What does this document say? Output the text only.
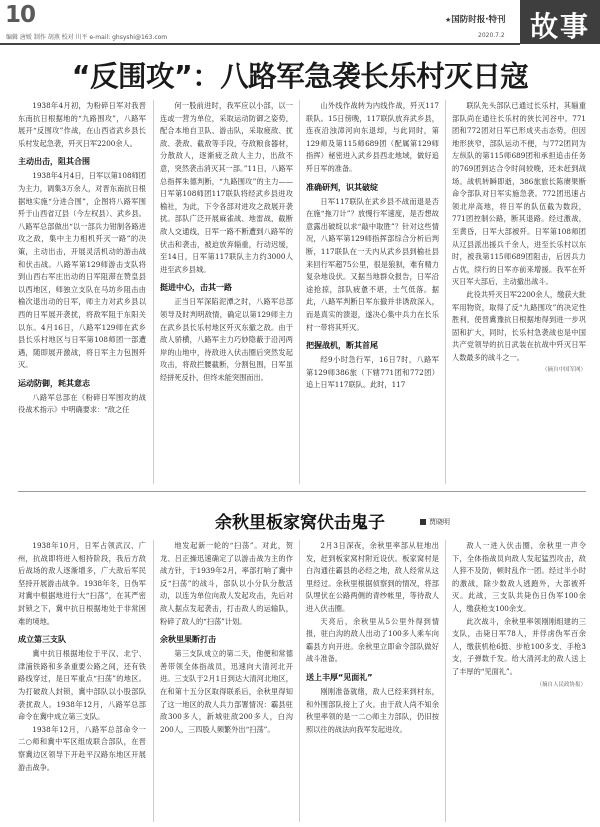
10
编辑 唐嫒 制作 胡燕 校对 川平 e-mail: ghsyshi@163.com
★国防时报·特刊
2020.7.2 故事
“反围攻”：八路军急袭长乐村灭日寇

1938年4月初，为粉碎日军对我晋东南抗日根据地的“九路围攻”，八路军展开“反围攻”作战，在山西省武乡县长乐村发起急袭，歼灭日军2200余人。

主动出击，阻其合围

1938年4月4日，日军以第108师团为主力，调集3万余人，对晋东南抗日根据地实施“分进合围”，企图将八路军围歼于山西省辽县（今左权县）、武乡县。八路军总部做出“以一部兵力钳制各路进攻之敌，集中主力相机歼灭一路”的决策，主动出击，开展灵活机动的游击战和伏击战。八路军第129师游击支队将到山西右军庄出动的日军阻滞在赞皇县以西地区，师独立支队在马坊乡阻击由榆次退出动的日军，师主力对武乡县以西的日军展开袭扰，将敌军阻于东阳关以东。4月16日，八路军129师在武乡县长乐村地区与日军第108师团一部遭遇，随即展开激战，将日军主力包围歼灭。

运动防御，耗其意志

八路军总部在《粉碎日军围攻的战役战术指示》中明确要求：“敌之任

何一股前进时，我军应以小部，以一连或一营为单位，采取运动防御之姿势，配合本地自卫队、游击队，采取疲敌、扰敌、袭敌、截敌等手段，夺敌粮食器材，分散敌人，逐渐疲乏敌人主力，出敌不意，突然袭击消灭其一部。”11日，八路军总指挥朱德判断，“九路围攻”的主力——日军第108师团117联队将经武乡县进攻榆社，为此，下令各部对进攻之敌展开袭扰。部队广泛开展麻雀战、地雷战，截断敌人交通线，日军一路不断遭到八路军的伏击和袭击，被迫放弃辎重，行动迟缓，至14日，日军第117联队主力约3000人进至武乡县城。

挺进中心，击其一路

正当日军深陷泥潭之时，八路军总部领导及时判明敌情，确定以第129师主力在武乡县长乐村地区歼灭东撤之敌。由于敌人骄横，八路军主力巧妙隐蔽于沿河两岸的山地中，待敌进入伏击圈后突然发起攻击，将敌拦腰截断，分割包围，日军虽经拼死反扑，但终未能突围而出。

山外线作战转为内线作战，歼灭117联队。15日傍晚，117联队放弃武乡县，连夜沿浊漳河向东退却，与此同时，第129师及第115师689团（配属第129师指挥）秘密进入武乡县西北地域，做好追歼日军的准备。

准确研判，识其破绽

日军117联队在武乡县不战而退是否在施“拖刀计”？放慢行军速度，是否想故意露出破绽以求“敲中取胜”？针对这些情况，八路军第129师指挥部综合分析后判断，117联队在一天内从武乡县到榆社县来回行军超75公里，很是狼狈，难有精力复杂地设伏。又据当地群众报告，日军沿途抢掠，部队疲惫不堪，士气低落。据此，八路军判断日军东撤并非诱敌深入，而是真实的溃退，遂决心集中兵力在长乐村一带将其歼灭。

把握战机，断其首尾

经9小时急行军，16日7时，八路军第129师386旅（下辖771团和772团）追上日军117联队。此时，117

联队先头部队已通过长乐村，其辎重部队尚在通往长乐村的狭长河谷中。771团和772团对日军已形成夹击态势，但因地形狭窄，部队运动不便，与772团同为左纵队的第115师689团和承担追击任务的769团到达合令时间较晚，还未赶到战场。战机转瞬即逝，386旅旅长陈赓果断命令部队对日军实施急袭。772团迅速占领北岸高地，将日军的队伍截为数段，771团控制公路，断其退路。经过激战，至黄昏，日军大部被歼。日军第108师团从辽县派出援兵千余人，进至长乐村以东时，被我第115师689团阻击，后因兵力占优，续行的日军亦前来增援。我军在歼灭日军大部后，主动撤出战斗。

此役共歼灭日军2200余人，缴获大批军用物资，取得了反“九路围攻”的决定性胜利，使晋冀豫抗日根据地得到进一步巩固和扩大，同时，长乐村急袭战也是中国共产党领导的抗日武装在抗战中歼灭日军人数最多的战斗之一。

（摘自中国军网）

余秋里板家窝伏击鬼子	贾晓明

1938年10月，日军占领武汉、广州，抗战即将进入相持阶段，我后方敌后战场的敌人逐渐增多，广大敌后军民坚持开展游击战争。1938年冬，日伪军对冀中根据地进行大“扫荡”，在其严密封锁之下，冀中抗日根据地处于非常困难的境地。

成立第三支队

冀中抗日根据地位于平汉、北宁、津浦铁路和多条重要公路之间，还有铁路线穿过，是日军重点“扫荡”的地区。为打破敌人封锁，冀中部队以小股部队袭扰敌人。1938年12月，八路军总部命令在冀中成立第三支队。

1938年12月，八路军总部命令一二○师和冀中军区组成联合部队，在晋察冀边区领导下开赴平汉路东地区开展游击战争。

地发起新一轮的“扫荡”。对此，贺龙、吕正操迅速确定了以游击战为主的作战方针，于1939年2月，率部打响了冀中反“扫荡”的战斗，部队以小分队分散活动，以连为单位向敌人发起攻击，先后对敌人据点发起袭击，打击敌人的运输队，粉碎了敌人的“扫荡”计划。

余秋里果断打击

第三支队成立的第二天，他便和常德善带领全体指战员，迅速向大清河北开进。三支队于2月1日到达大清河北地区，在和第十五分区取得联系后，余秋里得知了这一地区的敌人兵力部署情况：霸县驻敌300多人，新城驻敌200多人，白沟200人，三四股人频繁外出“扫荡”。

2月3日深夜，余秋里率部从驻地出发，赶到板家窝村附近设伏。板家窝村是白沟通往霸县的必经之地，敌人经常从这里经过。余秋里根据侦察到的情况，将部队埋伏在公路两侧的青纱帐里，等待敌人进入伏击圈。

天亮后，余秋里从5公里外得到情报，驻白沟的敌人出动了100多人乘车向霸县方向开进。余秋里立即命令部队做好战斗准备。

送上丰厚“见面礼”

刚刚准备就绪，敌人已经来到村东，和外围部队接上了火。由于敌人尚不知余秋里率领的是一二○师主力部队，仍旧按照以往的战法向我军发起进攻。

敌人一进入伏击圈，余秋里一声令下，全体指战员向敌人发起猛烈攻击，敌人猝不及防，顿时乱作一团。经过半小时的激战，除少数敌人逃跑外，大部被歼灭。此战，三支队共毙伤日伪军100余人，缴获枪支100余支。

此次战斗，余秋里率领刚刚组建的三支队，击毙日军78人，并俘虏伪军百余人，缴获机枪6挺、步枪100多支、手枪3支，子弹数千发。给大清河北的敌人送上了丰厚的“见面礼”。

（摘自人民政协报）
